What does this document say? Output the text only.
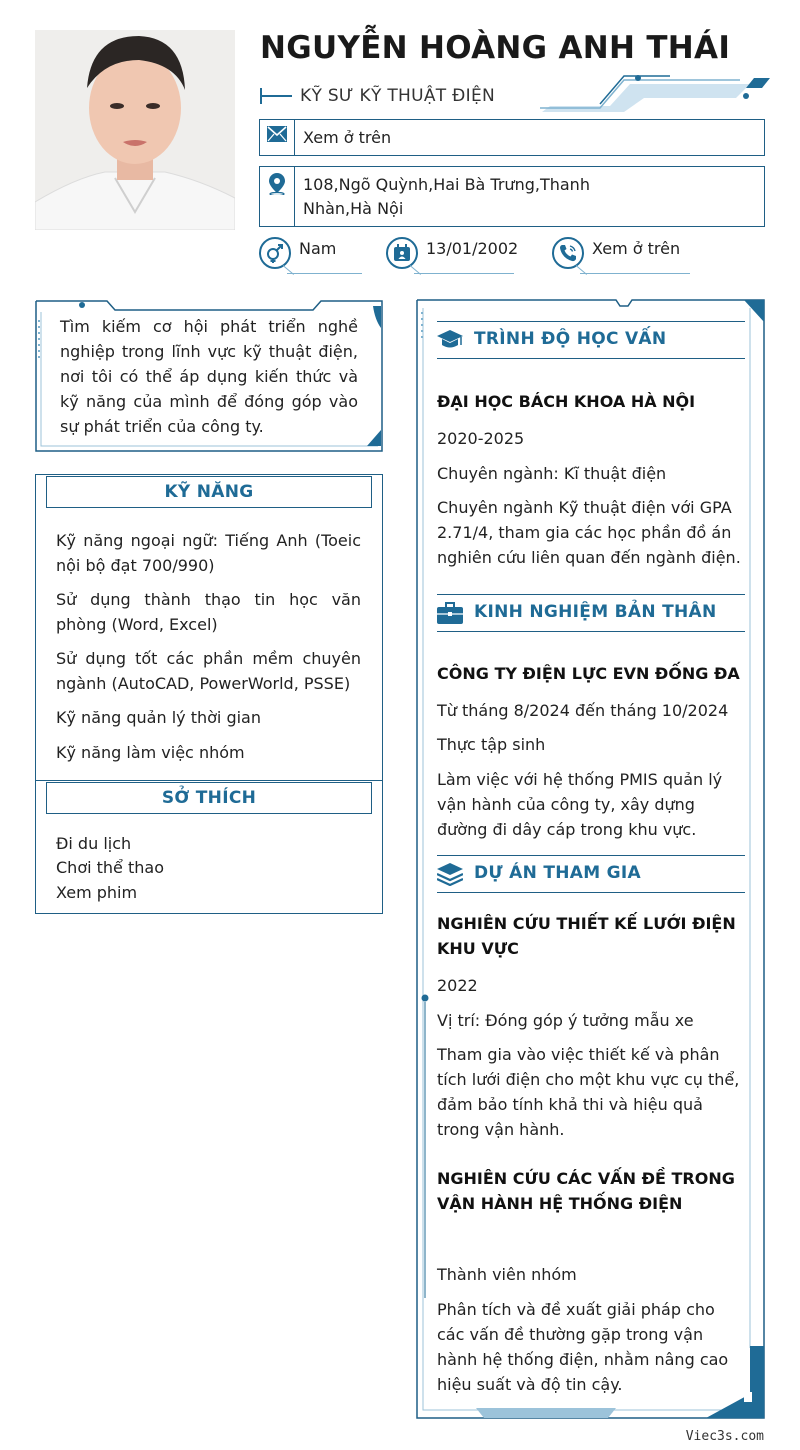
NGUYỄN HOÀNG ANH THÁI
KỸ SƯ KỸ THUẬT ĐIỆN
Xem ở trên
108,Ngõ Quỳnh,Hai Bà Trưng,Thanh Nhàn,Hà Nội
Nam	13/01/2002	Xem ở trên
Tìm kiếm cơ hội phát triển nghề nghiệp trong lĩnh vực kỹ thuật điện, nơi tôi có thể áp dụng kiến thức và kỹ năng của mình để đóng góp vào sự phát triển của công ty.
KỸ NĂNG
Kỹ năng ngoại ngữ: Tiếng Anh (Toeic nội bộ đạt 700/990)
Sử dụng thành thạo tin học văn phòng (Word, Excel)
Sử dụng tốt các phần mềm chuyên ngành (AutoCAD, PowerWorld, PSSE)
Kỹ năng quản lý thời gian
Kỹ năng làm việc nhóm
SỞ THÍCH
Đi du lịch
Chơi thể thao
Xem phim
TRÌNH ĐỘ HỌC VẤN
ĐẠI HỌC BÁCH KHOA HÀ NỘI
2020-2025
Chuyên ngành: Kĩ thuật điện
Chuyên ngành Kỹ thuật điện với GPA 2.71/4, tham gia các học phần đồ án nghiên cứu liên quan đến ngành điện.
KINH NGHIỆM BẢN THÂN
CÔNG TY ĐIỆN LỰC EVN ĐỐNG ĐA
Từ tháng 8/2024 đến tháng 10/2024
Thực tập sinh
Làm việc với hệ thống PMIS quản lý vận hành của công ty, xây dựng đường đi dây cáp trong khu vực.
DỰ ÁN THAM GIA
NGHIÊN CỨU THIẾT KẾ LƯỚI ĐIỆN KHU VỰC
2022
Vị trí: Đóng góp ý tưởng mẫu xe
Tham gia vào việc thiết kế và phân tích lưới điện cho một khu vực cụ thể, đảm bảo tính khả thi và hiệu quả trong vận hành.
NGHIÊN CỨU CÁC VẤN ĐỀ TRONG VẬN HÀNH HỆ THỐNG ĐIỆN
Thành viên nhóm
Phân tích và đề xuất giải pháp cho các vấn đề thường gặp trong vận hành hệ thống điện, nhằm nâng cao hiệu suất và độ tin cậy.
Viec3s.com
